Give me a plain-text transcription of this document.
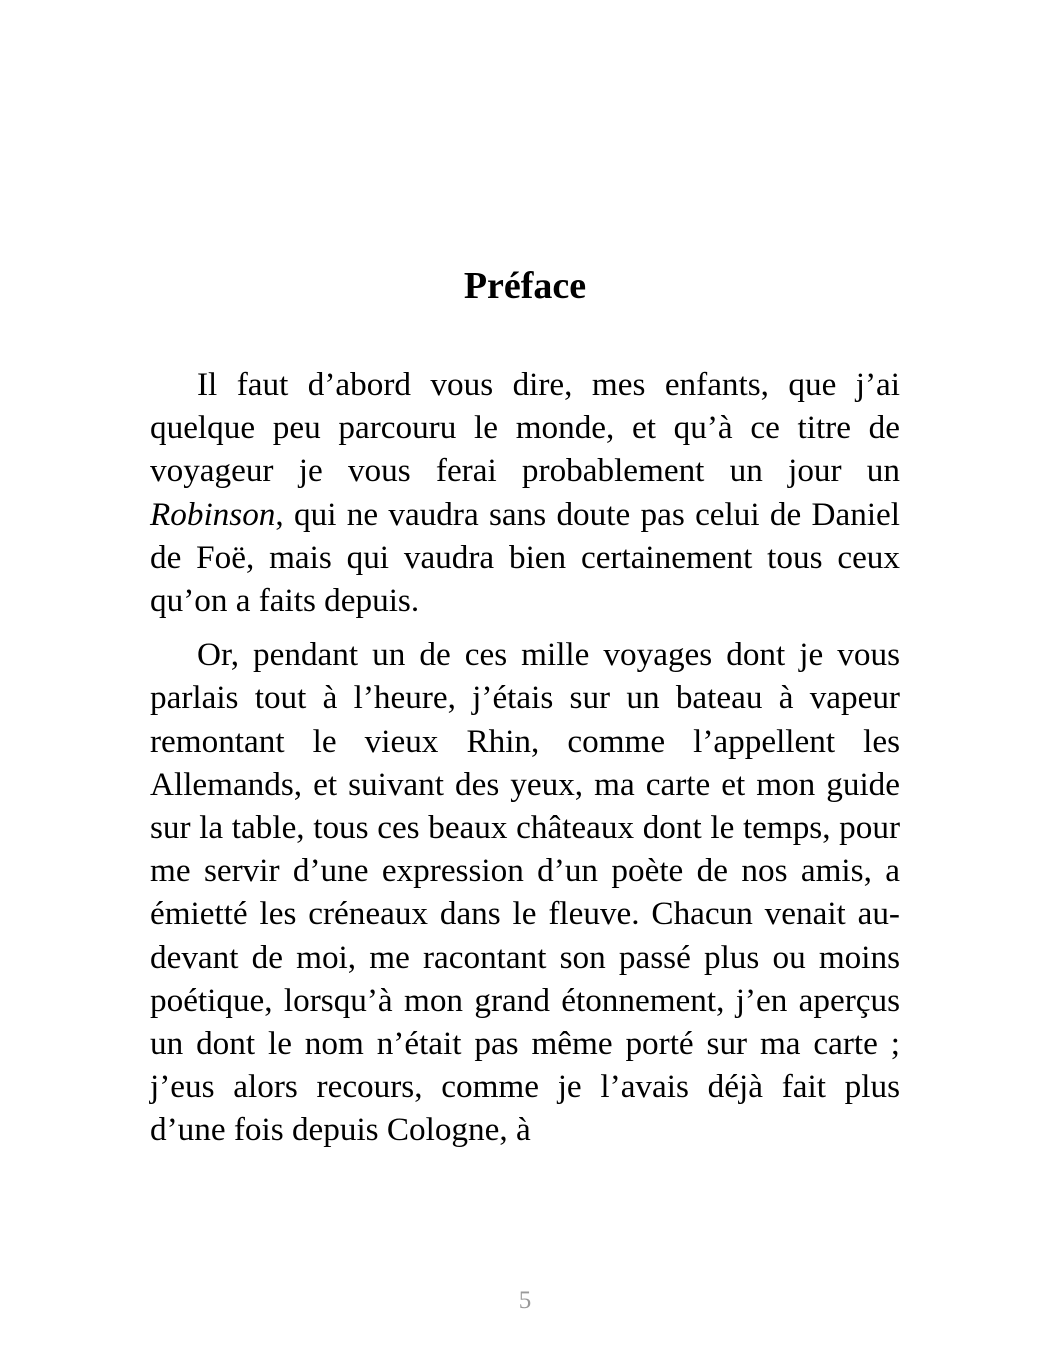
Préface

Il faut d’abord vous dire, mes enfants, que j’ai quelque peu parcouru le monde, et qu’à ce titre de voyageur je vous ferai probablement un jour un Robinson, qui ne vaudra sans doute pas celui de Daniel de Foë, mais qui vaudra bien certainement tous ceux qu’on a faits depuis.

Or, pendant un de ces mille voyages dont je vous parlais tout à l’heure, j’étais sur un bateau à vapeur remontant le vieux Rhin, comme l’appellent les Allemands, et suivant des yeux, ma carte et mon guide sur la table, tous ces beaux châteaux dont le temps, pour me servir d’une expression d’un poète de nos amis, a émietté les créneaux dans le fleuve. Chacun venait au-devant de moi, me racontant son passé plus ou moins poétique, lorsqu’à mon grand étonnement, j’en aperçus un dont le nom n’était pas même porté sur ma carte ; j’eus alors recours, comme je l’avais déjà fait plus d’une fois depuis Cologne, à

5
